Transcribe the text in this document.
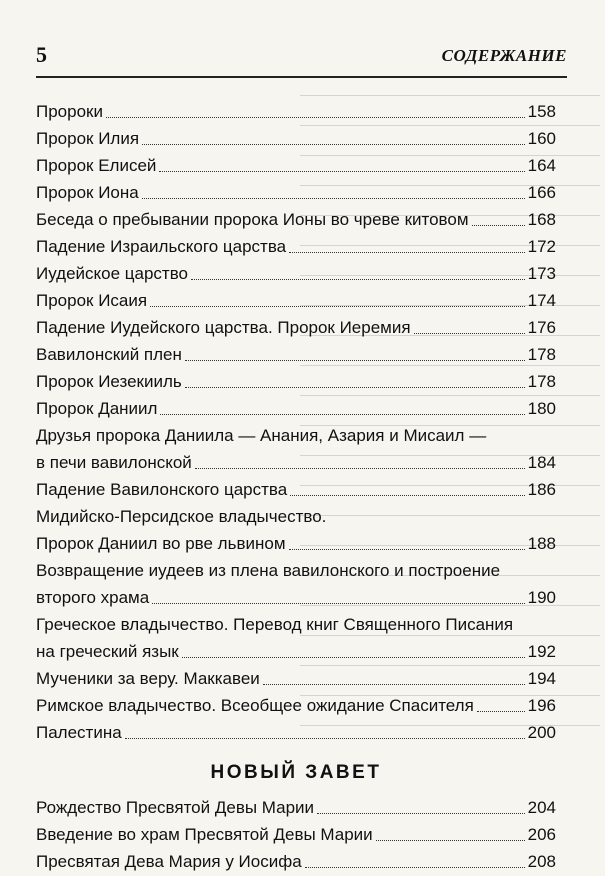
5	СОДЕРЖАНИЕ
Пророки	158
Пророк Илия	160
Пророк Елисей	164
Пророк Иона	166
Беседа о пребывании пророка Ионы во чреве китовом	168
Падение Израильского царства	172
Иудейское царство	173
Пророк Исаия	174
Падение Иудейского царства. Пророк Иеремия	176
Вавилонский плен	178
Пророк Иезекииль	178
Пророк Даниил	180
Друзья пророка Даниила — Анания, Азария и Мисаил —
в печи вавилонской	184
Падение Вавилонского царства	186
Мидийско-Персидское владычество.
Пророк Даниил во рве львином	188
Возвращение иудеев из плена вавилонского и построение
второго храма	190
Греческое владычество. Перевод книг Священного Писания
на греческий язык	192
Мученики за веру. Маккавеи	194
Римское владычество. Всеобщее ожидание Спасителя	196
Палестина	200
НОВЫЙ ЗАВЕТ
Рождество Пресвятой Девы Марии	204
Введение во храм Пресвятой Девы Марии	206
Пресвятая Дева Мария у Иосифа	208
